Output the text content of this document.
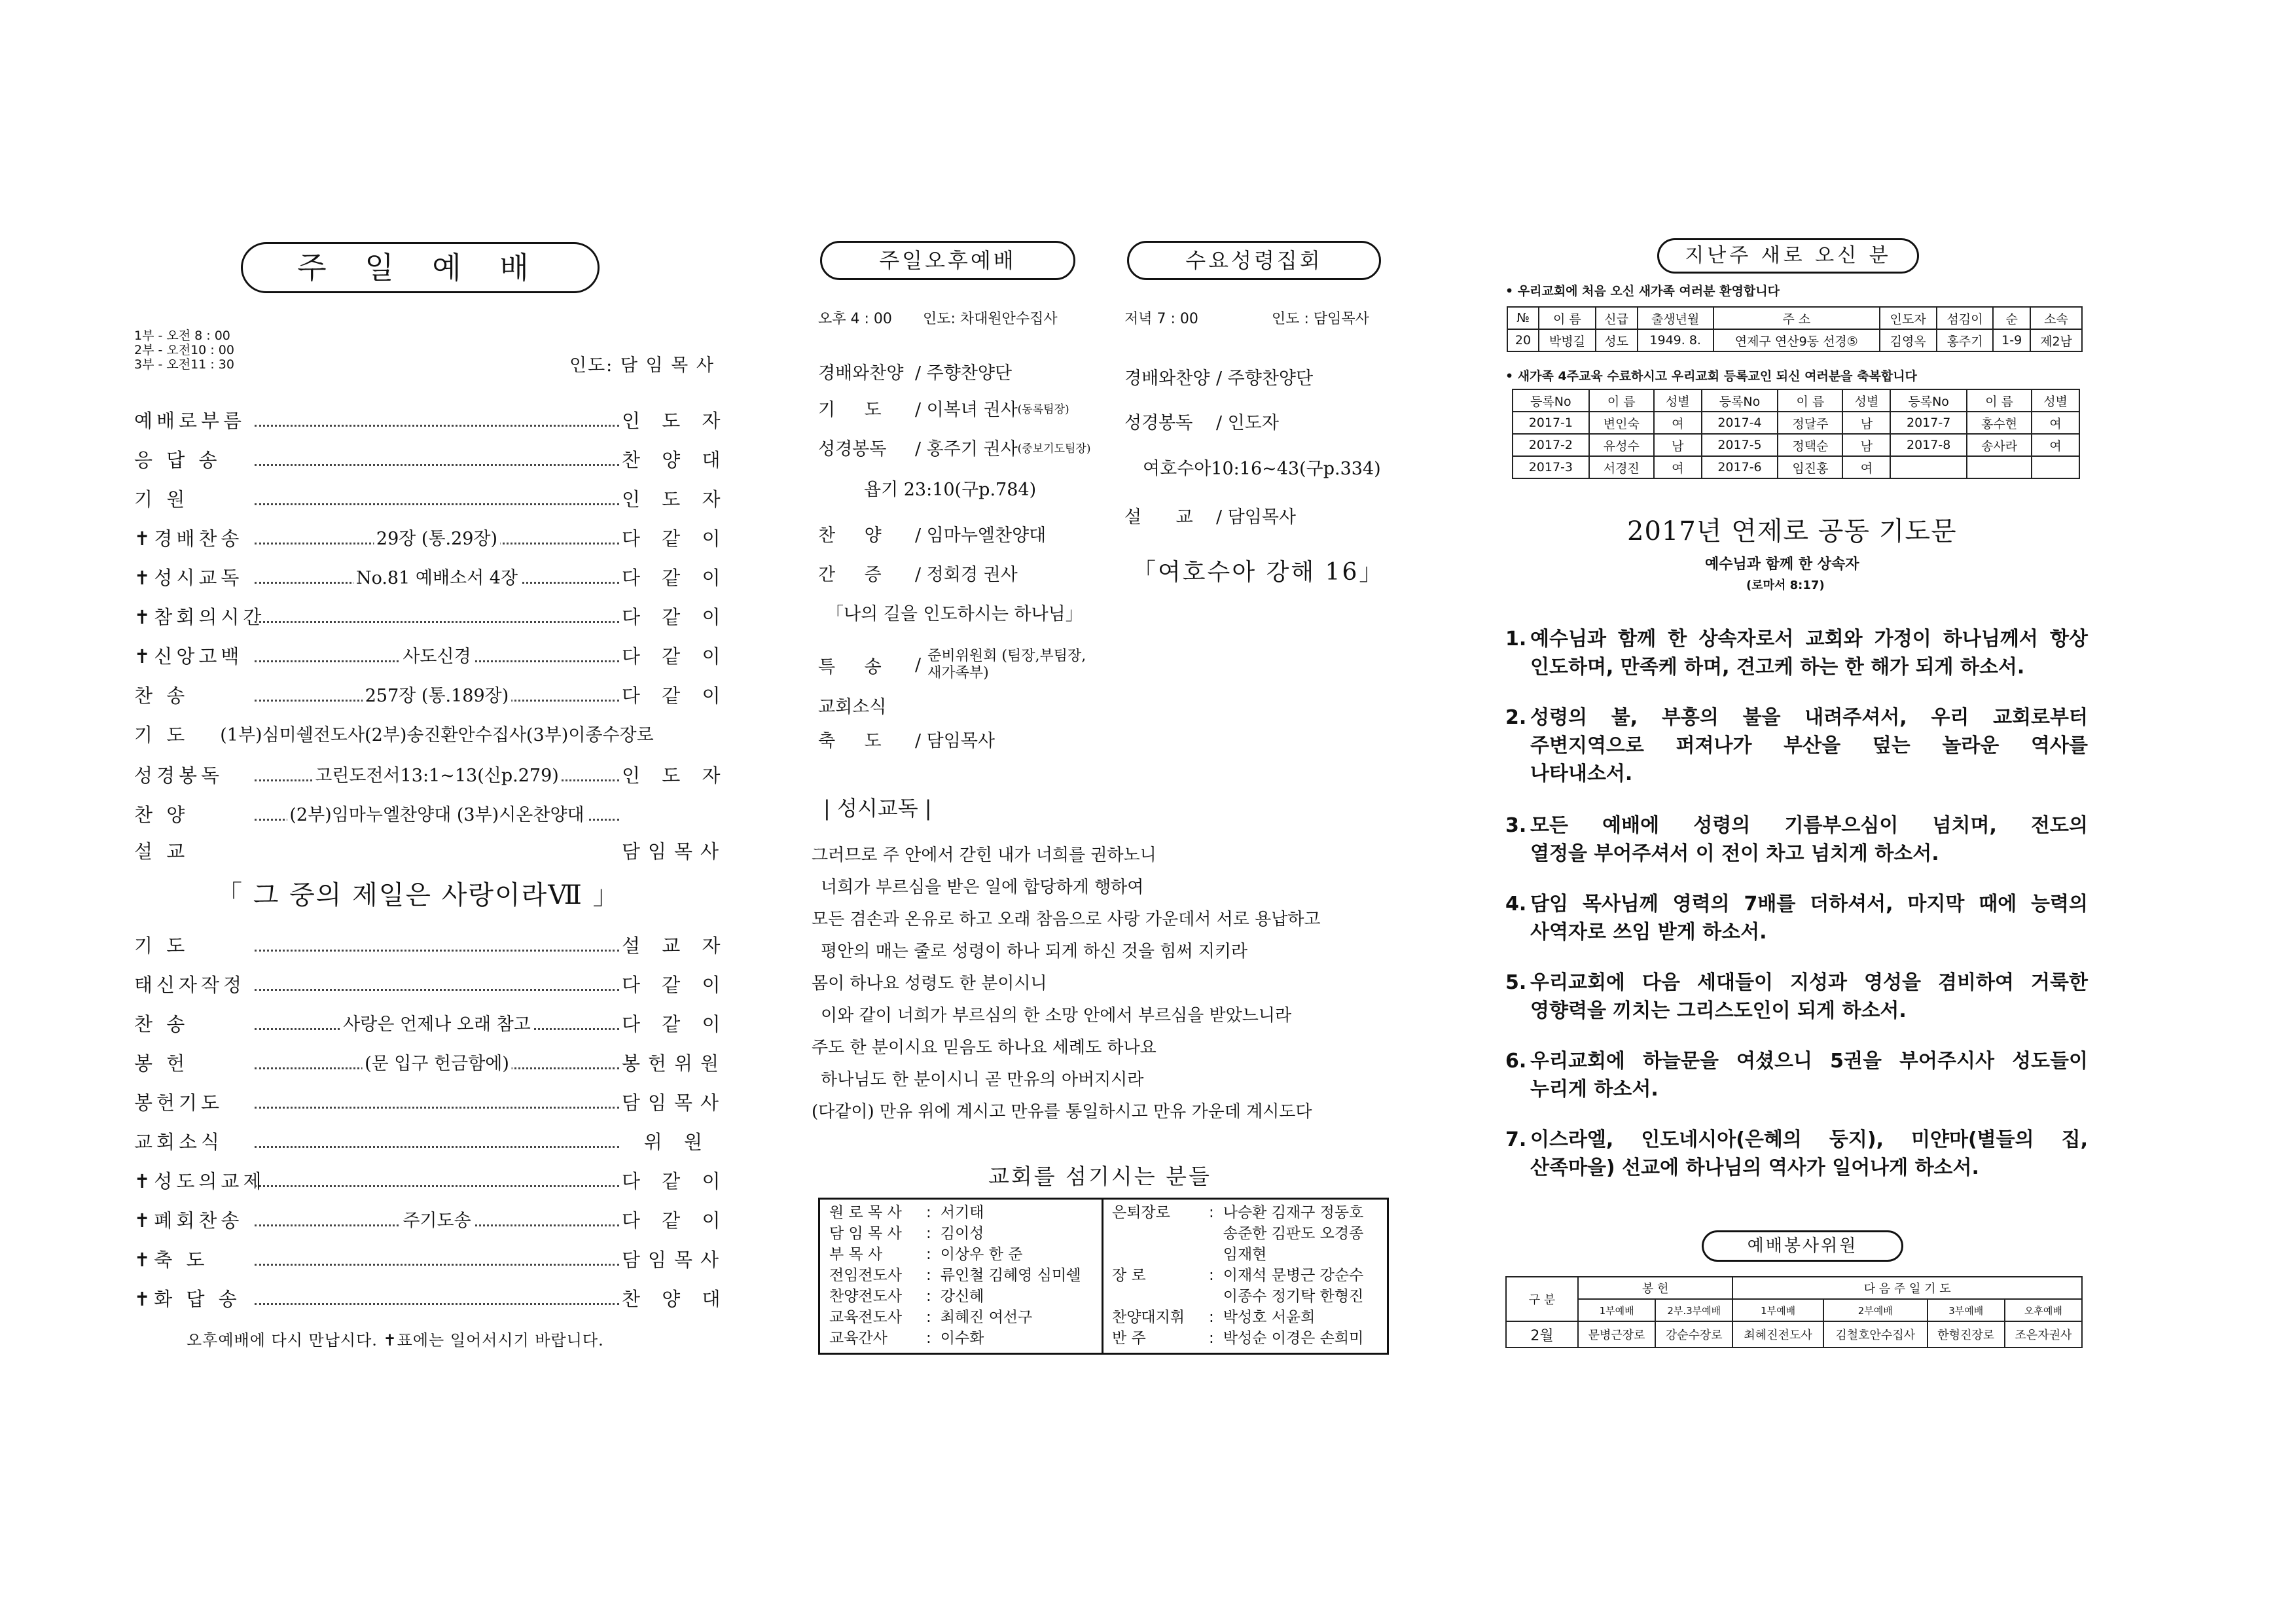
주 일 예 배
1부 - 오전 8 : 00
2부 - 오전10 : 00
3부 - 오전11 : 30	인도: 담 임 목 사
예배로부름	인 도 자
응 답 송	찬 양 대
기 원	인 도 자
✝경배찬송	29장 (통.29장)	다 같 이
✝성시교독	No.81 예배소서 4장	다 같 이
✝참회의시간	다 같 이
✝신앙고백	사도신경	다 같 이
찬 송	257장 (통.189장)	다 같 이
기 도	(1부)심미쉘전도사(2부)송진환안수집사(3부)이종수장로
성경봉독	고린도전서13:1~13(신p.279)	인 도 자
찬 양	(2부)임마누엘찬양대 (3부)시온찬양대
설 교	담임목사
기 도	설 교 자
태신자작정	다 같 이
찬 송	사랑은 언제나 오래 참고	다 같 이
봉 헌	(문 입구 헌금함에)	봉헌위원
봉헌기도	담임목사
교회소식	위 원
✝성도의교제	다 같 이
✝폐회찬송	주기도송	다 같 이
✝축 도	담임목사
✝화 답 송	찬 양 대
「 그 중의 제일은 사랑이라Ⅶ 」
오후예배에 다시 만납시다. ✝표에는 일어서시기 바랍니다.
주일오후예배	수요성령집회
오후 4 : 00 인도: 차대원안수집사
경배와찬양 / 주향찬양단
기 도	/ 이복녀 권사 (동록팀장)
성경봉독	/ 홍주기 권사 (중보기도팀장)
욥기 23:10(구p.784)
찬 양	/ 임마누엘찬양대
간 증	/ 정회경 권사
「나의 길을 인도하시는 하나님」
특 송	/ 준비위원회 (팀장,부팀장,새가족부)
교회소식
축 도	/ 담임목사
저녁 7 : 00	인도 : 담임목사
경배와찬양 / 주향찬양단
성경봉독 / 인도자
여호수아10:16~43(구p.334)
설 교 / 담임목사
「여호수아 강해 16」
| 성시교독 |
그러므로 주 안에서 갇힌 내가 너희를 권하노니
너희가 부르심을 받은 일에 합당하게 행하여
모든 겸손과 온유로 하고 오래 참음으로 사랑 가운데서 서로 용납하고
평안의 매는 줄로 성령이 하나 되게 하신 것을 힘써 지키라
몸이 하나요 성령도 한 분이시니
이와 같이 너희가 부르심의 한 소망 안에서 부르심을 받았느니라
주도 한 분이시요 믿음도 하나요 세례도 하나요
하나님도 한 분이시니 곧 만유의 아버지시라
(다같이) 만유 위에 계시고 만유를 통일하시고 만유 가운데 계시도다
교회를 섬기시는 분들
원 로 목 사	:	서기태
담 임 목 사	:	김이성
부 목 사	:	이상우 한 준
전임전도사	:	류인철 김혜영 심미쉘
찬양전도사	:	강신혜
교육전도사	:	최혜진 여선구
교육간사	:	이수화
은퇴장로	:	나승환 김재구 정동호
		송준한 김판도 오경종
		임재현
장 로	:	이재석 문병근 강순수
		이종수 정기탁 한형진
찬양대지휘	:	박성호 서윤희
반 주	:	박성순 이경은 손희미
지난주 새로 오신 분
• 우리교회에 처음 오신 새가족 여러분 환영합니다
№	이 름	신급	출생년월	주 소	인도자	섬김이	순	소속
20	박병길	성도	1949. 8.	연제구 연산9동 선경⑤	김영옥	홍주기	1-9	제2남
• 새가족 4주교육 수료하시고 우리교회 등록교인 되신 여러분을 축복합니다
등록No	이 름	성별	등록No	이 름	성별	등록No	이 름	성별
2017-1	변인숙	여	2017-4	정달주	남	2017-7	홍수현	여
2017-2	유성수	남	2017-5	정택순	남	2017-8	송사라	여
2017-3	서경진	여	2017-6	임진홍	여			
2017년 연제로 공동 기도문
예수님과 함께 한 상속자
(로마서 8:17)
1. 예수님과 함께 한 상속자로서 교회와 가정이 하나님께서 항상
인도하며, 만족케 하며, 견고케 하는 한 해가 되게 하소서.
2. 성령의 불, 부흥의 불을 내려주셔서, 우리 교회로부터
주변지역으로 퍼져나가 부산을 덮는 놀라운 역사를
나타내소서.
3. 모든 예배에 성령의 기름부으심이 넘치며, 전도의
열정을 부어주셔서 이 전이 차고 넘치게 하소서.
4. 담임 목사님께 영력의 7배를 더하셔서, 마지막 때에 능력의
사역자로 쓰임 받게 하소서.
5. 우리교회에 다음 세대들이 지성과 영성을 겸비하여 거룩한
영향력을 끼치는 그리스도인이 되게 하소서.
6. 우리교회에 하늘문을 여셨으니 5권을 부어주시사 성도들이
누리게 하소서.
7. 이스라엘, 인도네시아(은혜의 둥지), 미얀마(별들의 집,
산족마을) 선교에 하나님의 역사가 일어나게 하소서.
예배봉사위원
구 분	봉 헌		다 음 주 일 기 도			
	1부예배	2부.3부예배	1부예배	2부예배	3부예배	오후예배
2월	문병근장로	강순수장로	최혜진전도사	김철호안수집사	한형진장로	조은자권사
